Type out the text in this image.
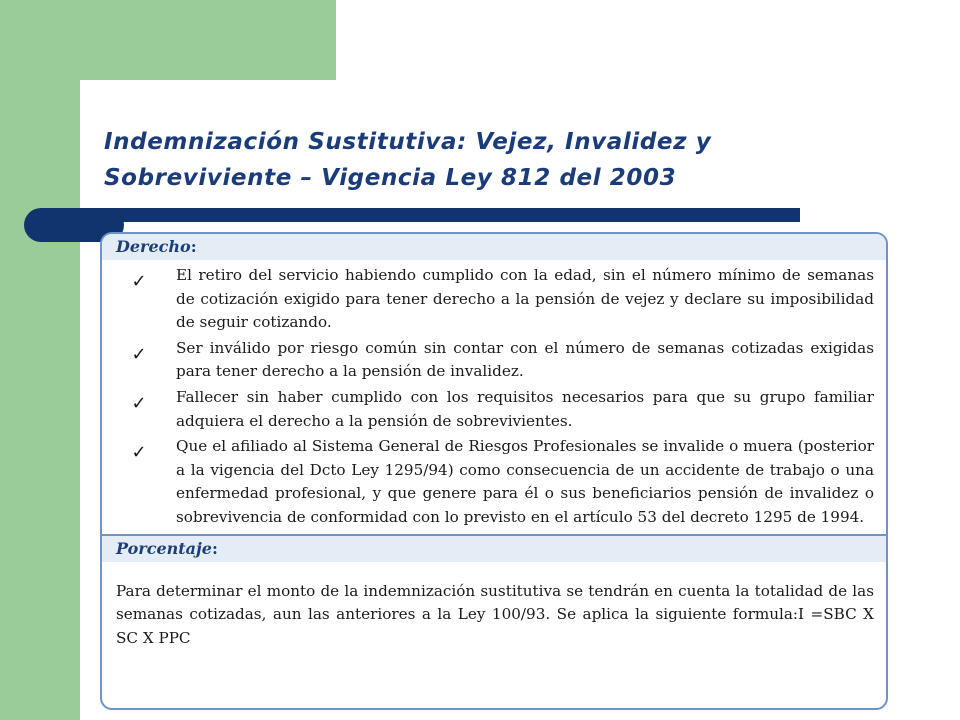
Indemnización Sustitutiva: Vejez, Invalidez y Sobreviviente – Vigencia Ley 812 del 2003
Derecho:
✓	El retiro del servicio habiendo cumplido con la edad, sin el número mínimo de semanas de cotización exigido para tener derecho a la pensión de vejez y declare su imposibilidad de seguir cotizando.

✓	Ser inválido por riesgo común sin contar con el número de semanas cotizadas exigidas para tener derecho a la pensión de invalidez.

✓	Fallecer sin haber cumplido con los requisitos necesarios para que su grupo familiar adquiera el derecho a la pensión de sobrevivientes.

✓	Que el afiliado al Sistema General de Riesgos Profesionales se invalide o muera (posterior a la vigencia del Dcto Ley 1295/94) como consecuencia de un accidente de trabajo o una enfermedad profesional, y que genere para él o sus beneficiarios pensión de invalidez o sobrevivencia de conformidad con lo previsto en el artículo 53 del decreto 1295 de 1994.

Porcentaje:

Para determinar el monto de la indemnización sustitutiva se tendrán en cuenta la totalidad de las semanas cotizadas, aun las anteriores a la Ley 100/93. Se aplica la siguiente formula:I =SBC X SC X PPC
